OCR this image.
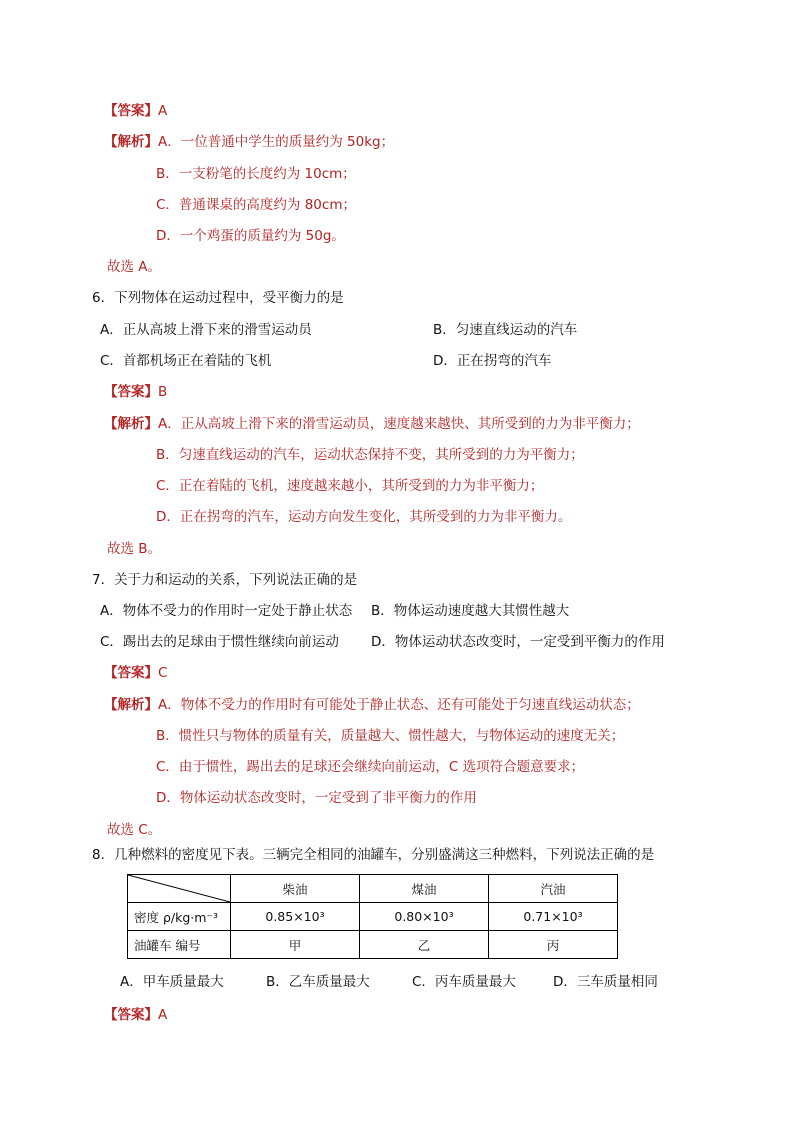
【答案】A
【解析】A．一位普通中学生的质量约为 50kg；
B．一支粉笔的长度约为 10cm；
C．普通课桌的高度约为 80cm；
D．一个鸡蛋的质量约为 50g。
故选 A。
6．下列物体在运动过程中，受平衡力的是
A．正从高坡上滑下来的滑雪运动员	B．匀速直线运动的汽车
C．首都机场正在着陆的飞机	D．正在拐弯的汽车
【答案】B
【解析】A．正从高坡上滑下来的滑雪运动员，速度越来越快、其所受到的力为非平衡力；
B．匀速直线运动的汽车，运动状态保持不变，其所受到的力为平衡力；
C．正在着陆的飞机，速度越来越小，其所受到的力为非平衡力；
D．正在拐弯的汽车，运动方向发生变化，其所受到的力为非平衡力。
故选 B。
7．关于力和运动的关系，下列说法正确的是
A．物体不受力的作用时一定处于静止状态 B．物体运动速度越大其惯性越大
C．踢出去的足球由于惯性继续向前运动 D．物体运动状态改变时，一定受到平衡力的作用
【答案】C
【解析】A．物体不受力的作用时有可能处于静止状态、还有可能处于匀速直线运动状态；
B．惯性只与物体的质量有关，质量越大、惯性越大，与物体运动的速度无关；
C．由于惯性，踢出去的足球还会继续向前运动，C 选项符合题意要求；
D．物体运动状态改变时，一定受到了非平衡力的作用
故选 C。
8．几种燃料的密度见下表。三辆完全相同的油罐车，分别盛满这三种燃料，下列说法正确的是
	柴油	煤油	汽油
密度 ρ/kg·m⁻³	0.85×10³	0.80×10³	0.71×10³
油罐车 编号	甲	乙	丙
A．甲车质量最大	B．乙车质量最大	C．丙车质量最大	D．三车质量相同
【答案】A
